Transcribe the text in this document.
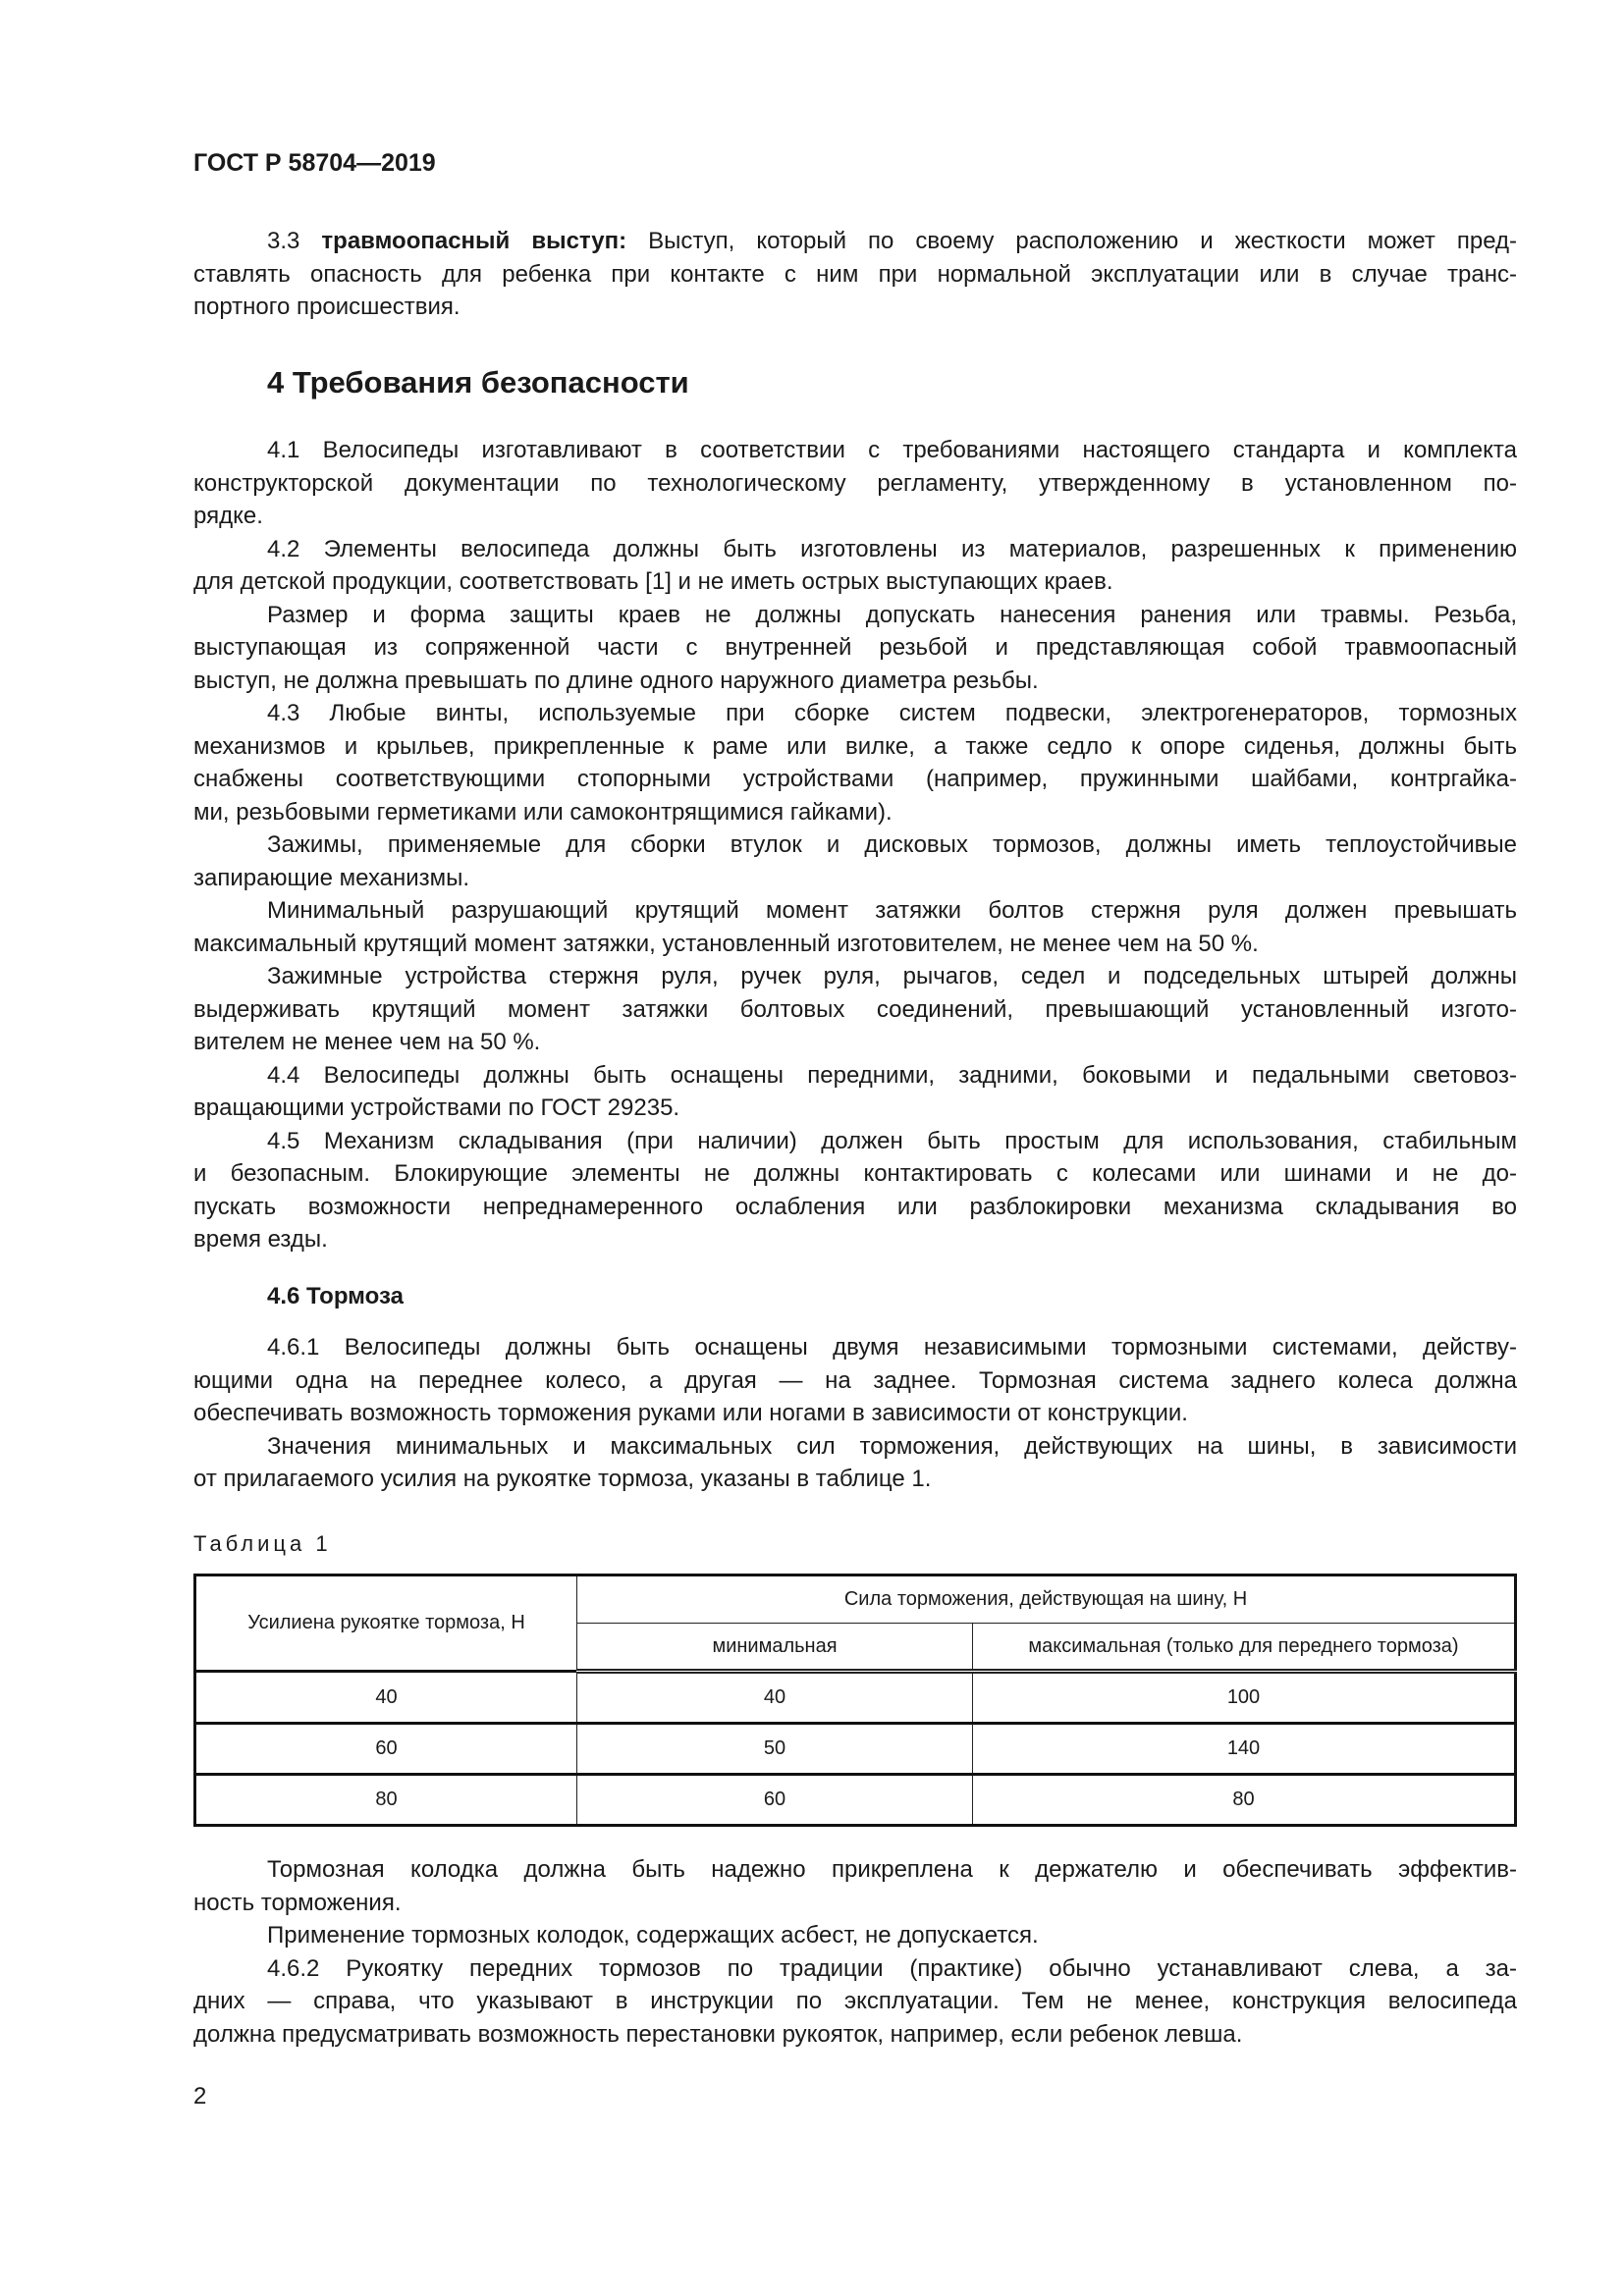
ГОСТ Р 58704—2019
3.3 травмоопасный выступ: Выступ, который по своему расположению и жесткости может пред-
ставлять опасность для ребенка при контакте с ним при нормальной эксплуатации или в случае транс-
портного происшествия.
4 Требования безопасности
4.1 Велосипеды изготавливают в соответствии с требованиями настоящего стандарта и комплекта
конструкторской документации по технологическому регламенту, утвержденному в установленном по-
рядке.
4.2 Элементы велосипеда должны быть изготовлены из материалов, разрешенных к применению
для детской продукции, соответствовать [1] и не иметь острых выступающих краев.
Размер и форма защиты краев не должны допускать нанесения ранения или травмы. Резьба,
выступающая из сопряженной части с внутренней резьбой и представляющая собой травмоопасный
выступ, не должна превышать по длине одного наружного диаметра резьбы.
4.3 Любые винты, используемые при сборке систем подвески, электрогенераторов, тормозных
механизмов и крыльев, прикрепленные к раме или вилке, а также седло к опоре сиденья, должны быть
снабжены соответствующими стопорными устройствами (например, пружинными шайбами, контргайка-
ми, резьбовыми герметиками или самоконтрящимися гайками).
Зажимы, применяемые для сборки втулок и дисковых тормозов, должны иметь теплоустойчивые
запирающие механизмы.
Минимальный разрушающий крутящий момент затяжки болтов стержня руля должен превышать
максимальный крутящий момент затяжки, установленный изготовителем, не менее чем на 50 %.
Зажимные устройства стержня руля, ручек руля, рычагов, седел и подседельных штырей должны
выдерживать крутящий момент затяжки болтовых соединений, превышающий установленный изгото-
вителем не менее чем на 50 %.
4.4 Велосипеды должны быть оснащены передними, задними, боковыми и педальными световоз-
вращающими устройствами по ГОСТ 29235.
4.5 Механизм складывания (при наличии) должен быть простым для использования, стабильным
и безопасным. Блокирующие элементы не должны контактировать с колесами или шинами и не до-
пускать возможности непреднамеренного ослабления или разблокировки механизма складывания во
время езды.
4.6 Тормоза
4.6.1 Велосипеды должны быть оснащены двумя независимыми тормозными системами, действу-
ющими одна на переднее колесо, а другая — на заднее. Тормозная система заднего колеса должна
обеспечивать возможность торможения руками или ногами в зависимости от конструкции.
Значения минимальных и максимальных сил торможения, действующих на шины, в зависимости
от прилагаемого усилия на рукоятке тормоза, указаны в таблице 1.
Таблица 1
Усилиена рукоятке тормоза, Н	Сила торможения, действующая на шину, Н	
	минимальная	максимальная (только для переднего тормоза)
40	40	100
60	50	140
80	60	80
Тормозная колодка должна быть надежно прикреплена к держателю и обеспечивать эффектив-
ность торможения.
Применение тормозных колодок, содержащих асбест, не допускается.
4.6.2 Рукоятку передних тормозов по традиции (практике) обычно устанавливают слева, а за-
дних — справа, что указывают в инструкции по эксплуатации. Тем не менее, конструкция велосипеда
должна предусматривать возможность перестановки рукояток, например, если ребенок левша.
2
